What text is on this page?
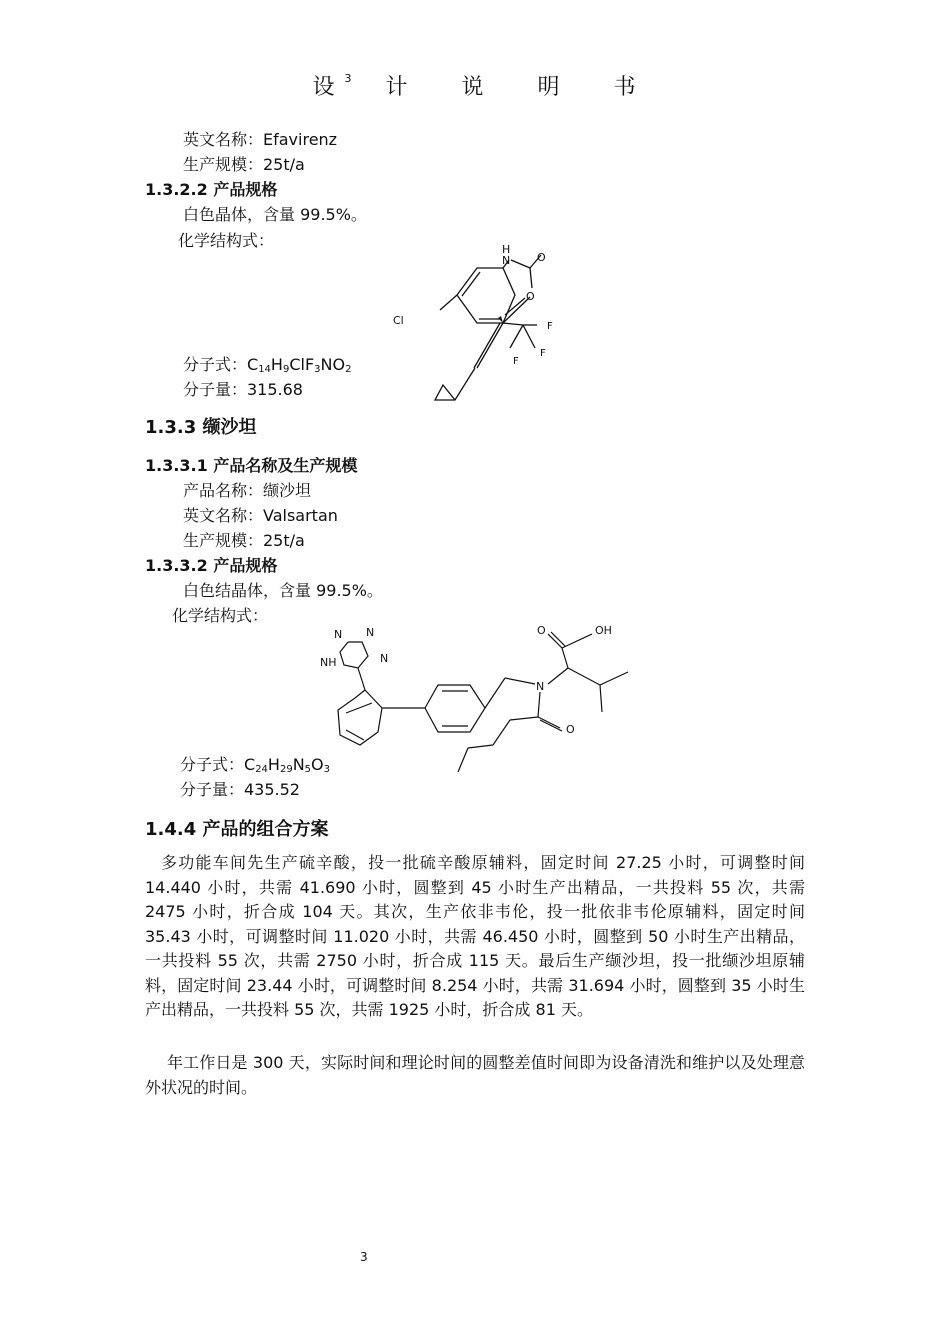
设 $^3$ 计 说 明 书
英文名称：Efavirenz
生产规模：25t/a
1.3.2.2 产品规格
白色晶体，含量 99.5%。
化学结构式：	H
N O
O
Cl	F
F
F
分子式：$C_{14}H_9ClF_3NO_2$
分子量：315.68
1.3.3 缬沙坦
1.3.3.1 产品名称及生产规模
产品名称：缬沙坦
英文名称：Valsartan
生产规模：25t/a
1.3.3.2 产品规格
白色结晶体，含量 99.5%。
化学结构式：
N N
N
NH
O	OH
N
O
分子式：$C_{24}H_{29}N_5O_3$
分子量：435.52
1.4.4 产品的组合方案
多功能车间先生产硫辛酸，投一批硫辛酸原辅料，固定时间 27.25 小时，可调整时间 14.440 小时，共需 41.690 小时，圆整到 45 小时生产出精品，一共投料 55 次，共需 2475 小时，折合成 104 天。其次，生产依非韦伦，投一批依非韦伦原辅料，固定时间 35.43 小时，可调整时间 11.020 小时，共需 46.450 小时，圆整到 50 小时生产出精品，一共投料 55 次，共需 2750 小时，折合成 115 天。最后生产缬沙坦，投一批缬沙坦原辅料，固定时间 23.44 小时，可调整时间 8.254 小时，共需 31.694 小时，圆整到 35 小时生产出精品，一共投料 55 次，共需 1925 小时，折合成 81 天。
年工作日是 300 天，实际时间和理论时间的圆整差值时间即为设备清洗和维护以及处理意外状况的时间。
3
